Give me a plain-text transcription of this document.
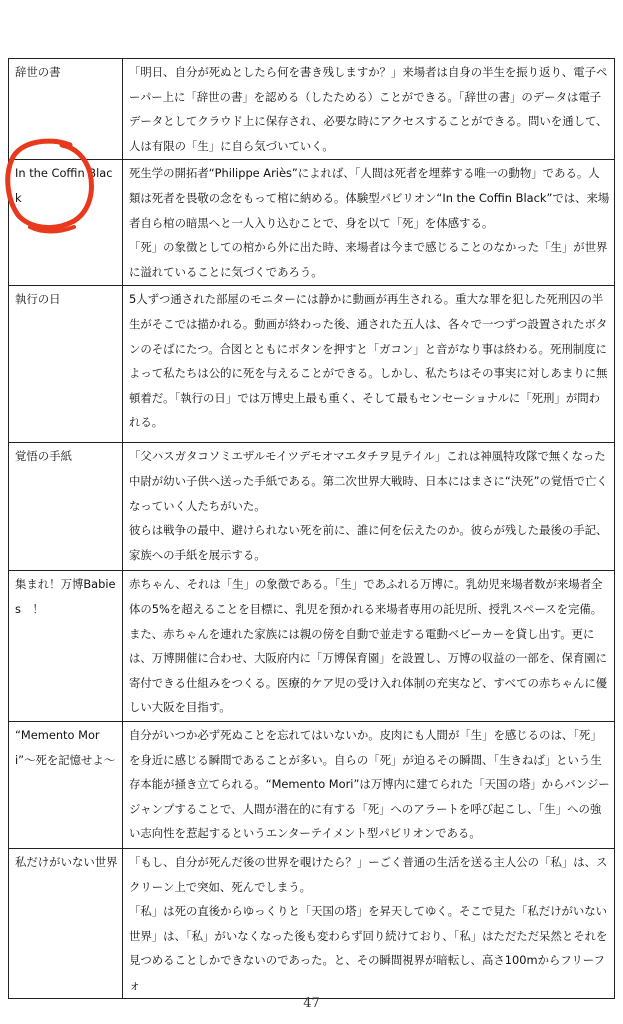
辞世の書	「明日、自分が死ぬとしたら何を書き残しますか？」来場者は自身の半生を振り返り、電子ペーパー上に「辞世の書」を認める（したためる）ことができる。「辞世の書」のデータは電子データとしてクラウド上に保存され、必要な時にアクセスすることができる。問いを通して、人は有限の「生」に自ら気づいていく。

In the Coffin Black	死生学の開拓者“Philippe Ariès”によれば、「人間は死者を埋葬する唯一の動物」である。人類は死者を畏敬の念をもって棺に納める。体験型パビリオン“In the Coffin Black”では、来場者自ら棺の暗黒へと一人入り込むことで、身を以て「死」を体感する。

「死」の象徴としての棺から外に出た時、来場者は今まで感じることのなかった「生」が世界に溢れていることに気づくであろう。

執行の日	5人ずつ通された部屋のモニターには静かに動画が再生される。重大な罪を犯した死刑囚の半生がそこでは描かれる。動画が終わった後、通された五人は、各々で一つずつ設置されたボタンのそばにたつ。合図とともにボタンを押すと「ガコン」と音がなり事は終わる。死刑制度によって私たちは公的に死を与えることができる。しかし、私たちはその事実に対しあまりに無頓着だ。「執行の日」では万博史上最も重く、そして最もセンセーショナルに「死刑」が問われる。

覚悟の手紙	「父ハスガタコソミエザルモイツデモオマエタチヲ見テイル」これは神風特攻隊で無くなった中尉が幼い子供へ送った手紙である。第二次世界大戦時、日本にはまさに“決死”の覚悟で亡くなっていく人たちがいた。

彼らは戦争の最中、避けられない死を前に、誰に何を伝えたのか。彼らが残した最後の手記、家族への手紙を展示する。

集まれ！万博Babies　！	赤ちゃん、それは「生」の象徴である。「生」であふれる万博に。乳幼児来場者数が来場者全体の5%を超えることを目標に、乳児を預かれる来場者専用の託児所、授乳スペースを完備。また、赤ちゃんを連れた家族には親の傍を自動で並走する電動ベビーカーを貸し出す。更には、万博開催に合わせ、大阪府内に「万博保育園」を設置し、万博の収益の一部を、保育園に寄付できる仕組みをつくる。医療的ケア児の受け入れ体制の充実など、すべての赤ちゃんに優しい大阪を目指す。

“Memento Mori”～死を記憶せよ～	自分がいつか必ず死ぬことを忘れてはいないか。皮肉にも人間が「生」を感じるのは、「死」を身近に感じる瞬間であることが多い。自らの「死」が迫るその瞬間、「生きねば」という生存本能が掻き立てられる。“Memento Mori”は万博内に建てられた「天国の塔」からバンジージャンプすることで、人間が潜在的に有する「死」へのアラートを呼び起こし、「生」への強い志向性を惹起するというエンターテイメント型パビリオンである。

私だけがいない世界	「もし、自分が死んだ後の世界を覗けたら？」ーごく普通の生活を送る主人公の「私」は、スクリーン上で突如、死んでしまう。

「私」は死の直後からゆっくりと「天国の塔」を昇天してゆく。そこで見た「私だけがいない世界」は、「私」がいなくなった後も変わらず回り続けており、「私」はただただ呆然とそれを見つめることしかできないのであった。と、その瞬間視界が暗転し、高さ100mからフリーフォ

47
